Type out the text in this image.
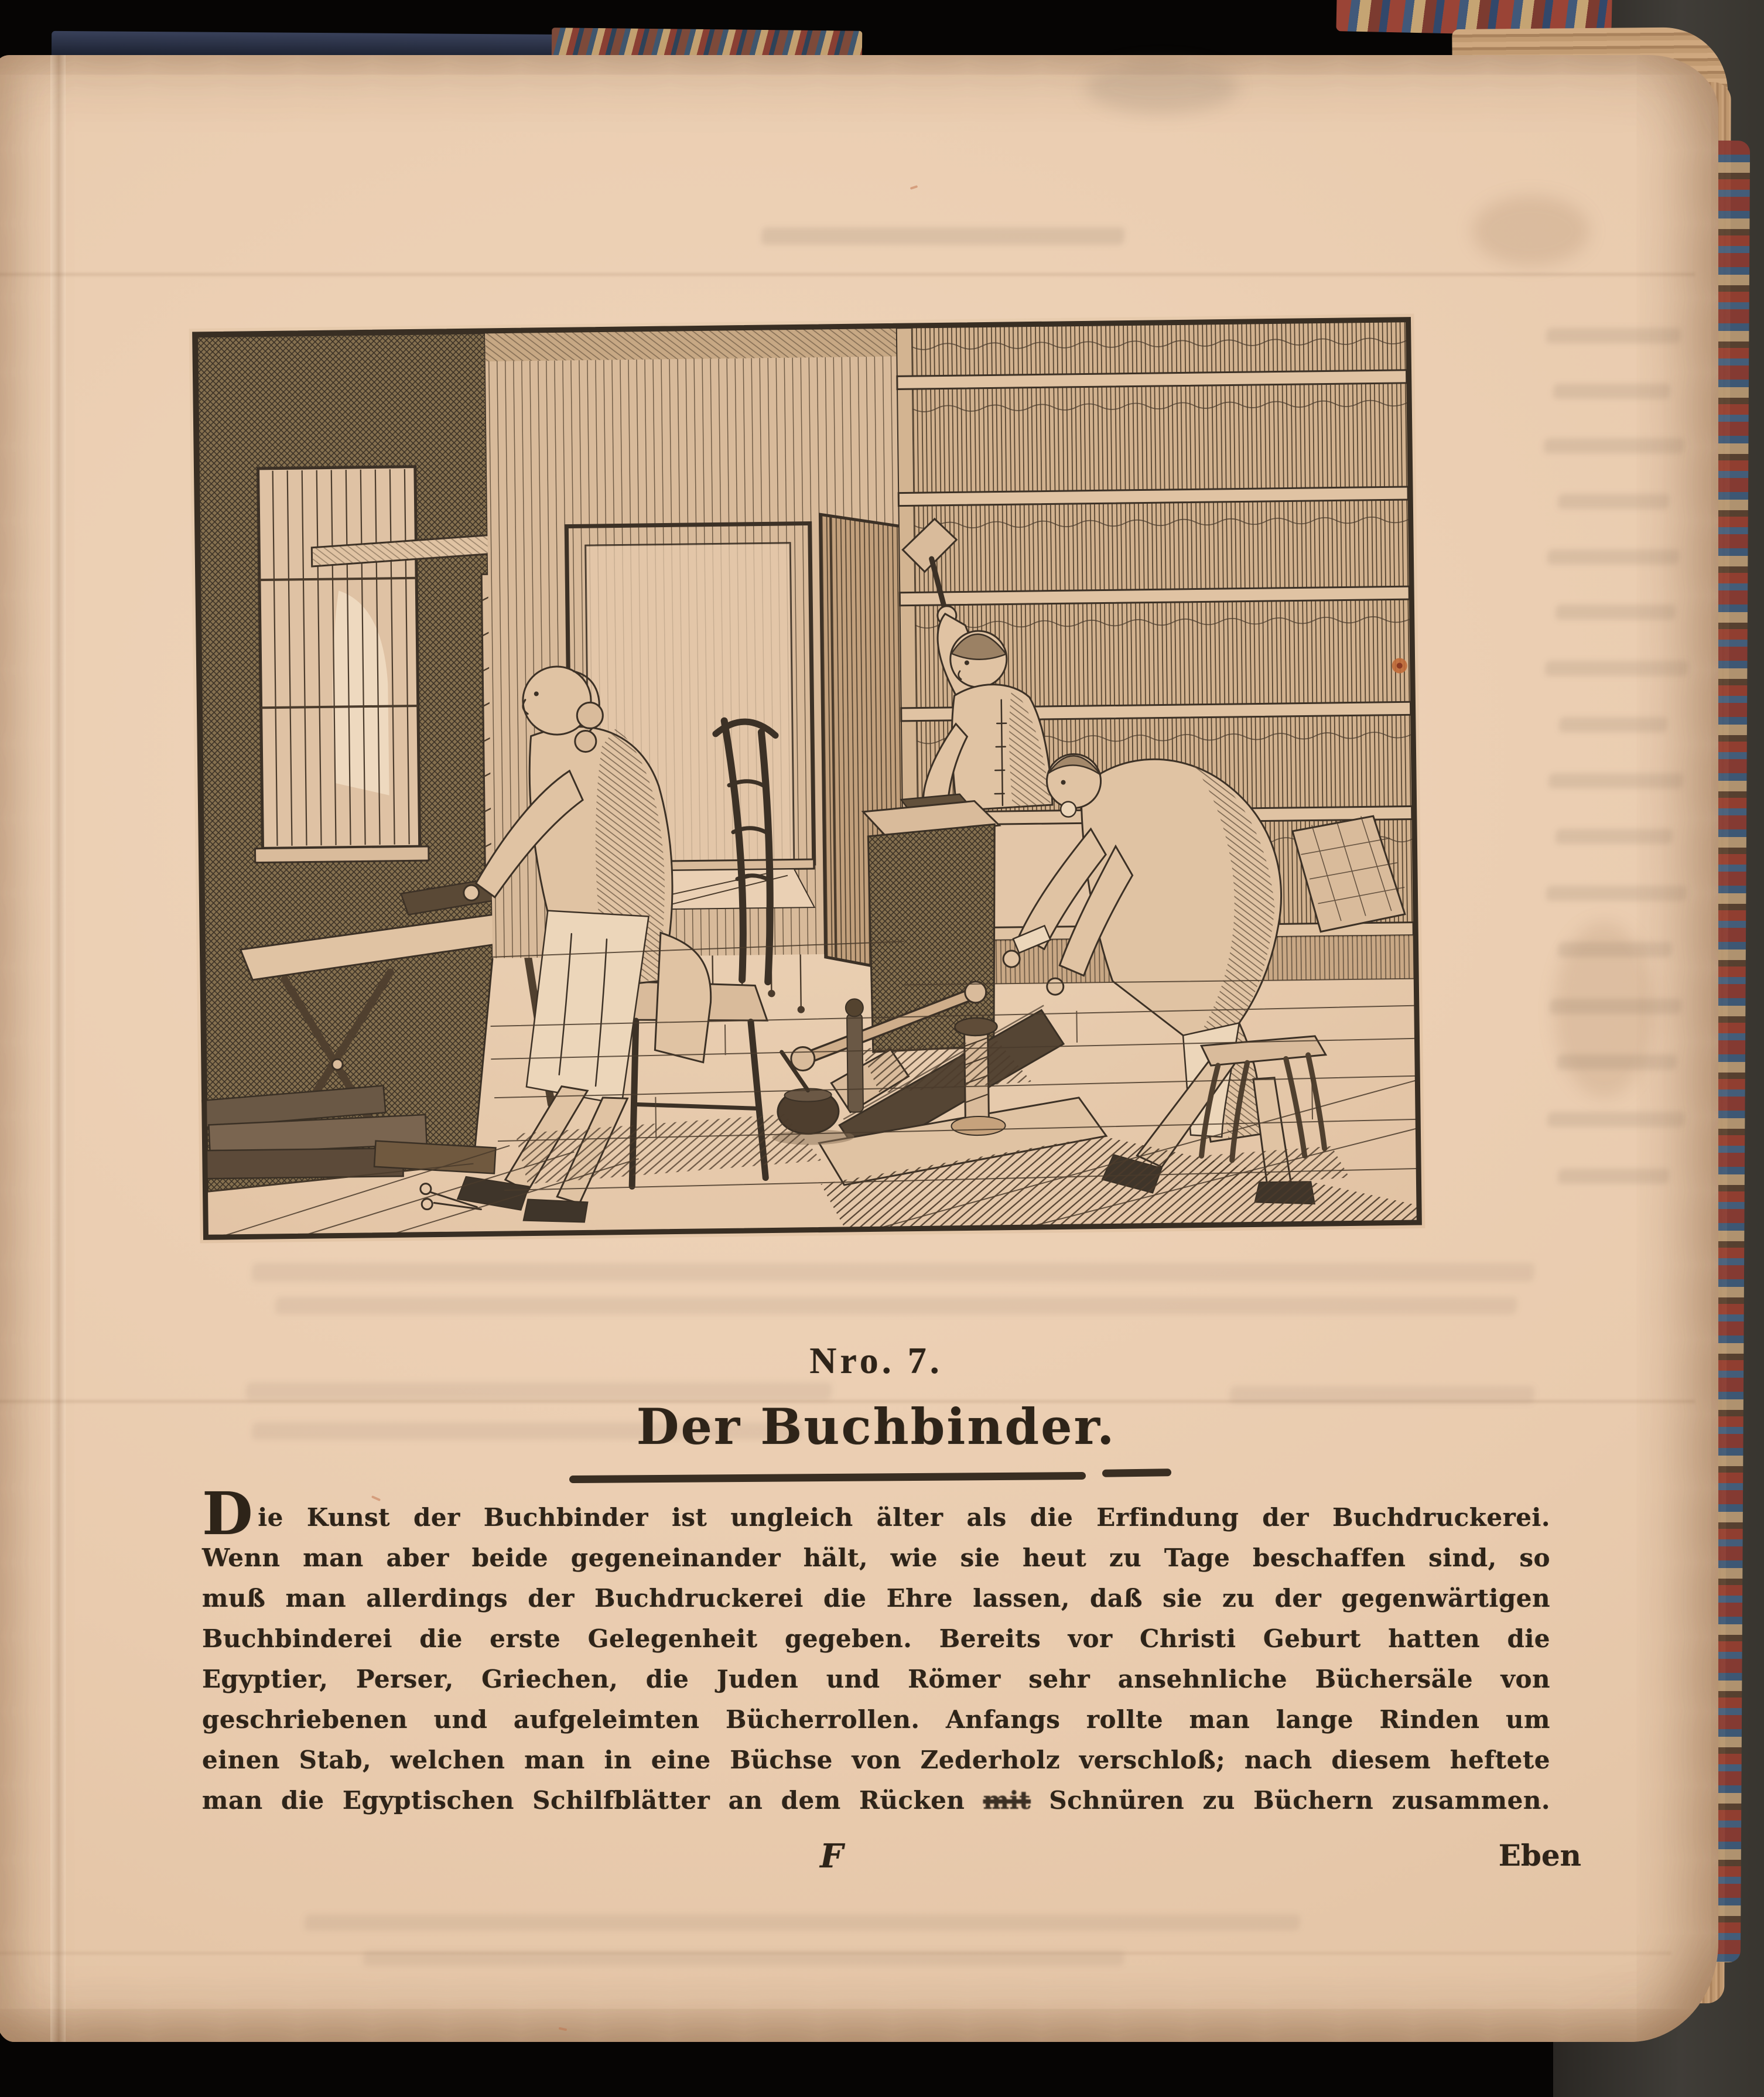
Nro. 7.
Der Buchbinder.
Die Kunst der Buchbinder ist ungleich älter als die Erfindung der Buchdruckerei.
Wenn man aber beide gegeneinander hält, wie sie heut zu Tage beschaffen sind, so
muß man allerdings der Buchdruckerei die Ehre lassen, daß sie zu der gegenwärtigen
Buchbinderei die erste Gelegenheit gegeben. Bereits vor Christi Geburt hatten die
Egyptier, Perser, Griechen, die Juden und Römer sehr ansehnliche Büchersäle von
geschriebenen und aufgeleimten Bücherrollen. Anfangs rollte man lange Rinden um
einen Stab, welchen man in eine Büchse von Zederholz verschloß; nach diesem heftete
man die Egyptischen Schilfblätter an dem Rücken mit Schnüren zu Büchern zusammen.
F	Eben
